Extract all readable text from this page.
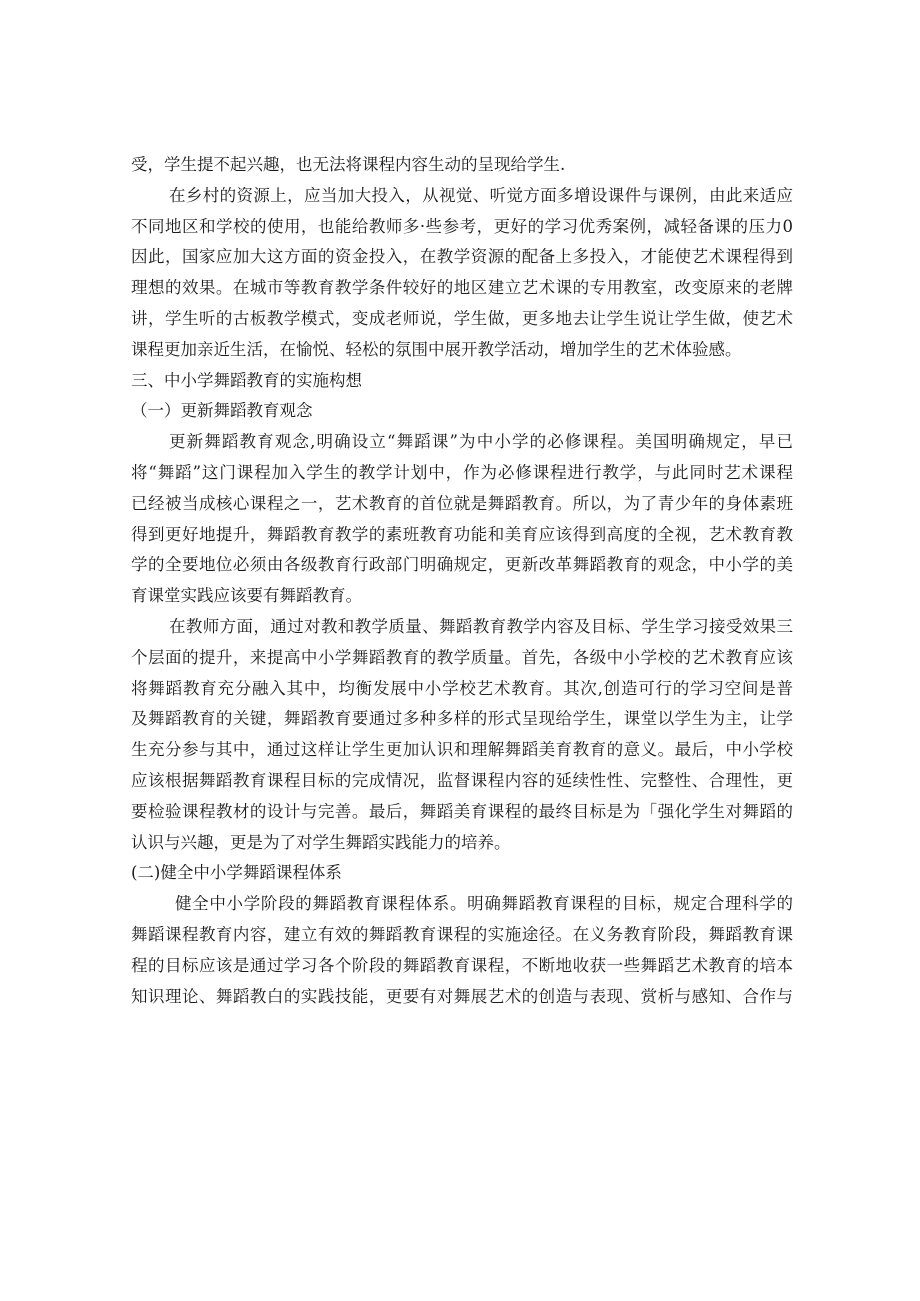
受，学生提不起兴趣，也无法将课程内容生动的呈现给学生.
在乡村的资源上，应当加大投入，从视觉、听觉方面多增设课件与课例，由此来适应
不同地区和学校的使用，也能给教师多·些参考，更好的学习优秀案例，减轻备课的压力0
因此，国家应加大这方面的资金投入，在教学资源的配备上多投入，才能使艺术课程得到
理想的效果。在城市等教育教学条件较好的地区建立艺术课的专用教室，改变原来的老牌
讲，学生听的古板教学模式，变成老师说，学生做，更多地去让学生说让学生做，使艺术
课程更加亲近生活，在愉悦、轻松的氛围中展开教学活动，增加学生的艺术体验感。
三、中小学舞蹈教育的实施构想
（一）更新舞蹈教育观念
更新舞蹈教育观念,明确设立“舞蹈课”为中小学的必修课程。美国明确规定，早已
将“舞蹈”这门课程加入学生的教学计划中，作为必修课程进行教学，与此同时艺术课程
已经被当成核心课程之一，艺术教育的首位就是舞蹈教育。所以，为了青少年的身体素班
得到更好地提升，舞蹈教育教学的素班教育功能和美育应该得到高度的全视，艺术教育教
学的全要地位必须由各级教育行政部门明确规定，更新改革舞蹈教育的观念，中小学的美
育课堂实践应该要有舞蹈教育。
在教师方面，通过对教和教学质量、舞蹈教育教学内容及目标、学生学习接受效果三
个层面的提升，来提高中小学舞蹈教育的教学质量。首先，各级中小学校的艺术教育应该
将舞蹈教育充分融入其中，均衡发展中小学校艺术教育。其次,创造可行的学习空间是普
及舞蹈教育的关键，舞蹈教育要通过多种多样的形式呈现给学生，课堂以学生为主，让学
生充分参与其中，通过这样让学生更加认识和理解舞蹈美育教育的意义。最后，中小学校
应该根据舞蹈教育课程目标的完成情况，监督课程内容的延续性性、完整性、合理性，更
要检验课程教材的设计与完善。最后，舞蹈美育课程的最终目标是为「强化学生对舞蹈的
认识与兴趣，更是为了对学生舞蹈实践能力的培养。
(二)健全中小学舞蹈课程体系
健全中小学阶段的舞蹈教育课程体系。明确舞蹈教育课程的目标，规定合理科学的
舞蹈课程教育内容，建立有效的舞蹈教育课程的实施途径。在义务教育阶段，舞蹈教育课
程的目标应该是通过学习各个阶段的舞蹈教育课程，不断地收获一些舞蹈艺术教育的培本
知识理论、舞蹈教白的实践技能，更要有对舞展艺术的创造与表现、赏析与感知、合作与
